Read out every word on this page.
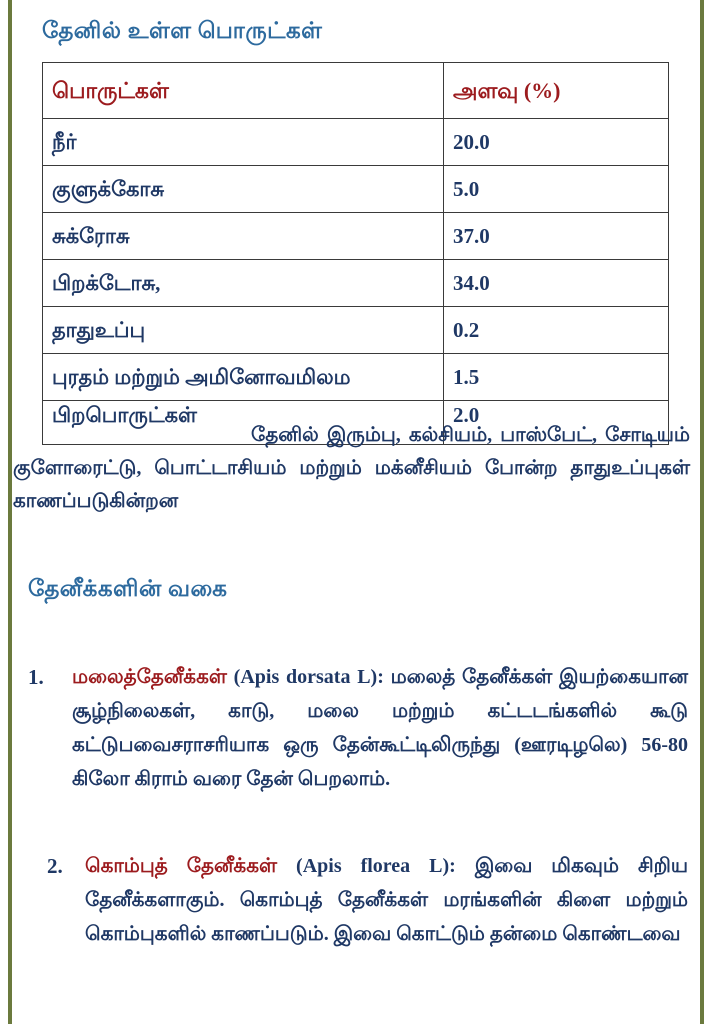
தேனில் உள்ள பொருட்கள்
பொருட்கள்	அளவு (%)
நீர்	20.0
குளுக்கோசு	5.0
சுக்ரோசு	37.0
பிறக்டோசு,	34.0
தாதுஉப்பு	0.2
புரதம் மற்றும் அமினோவமிலம	1.5
பிறபொருட்கள்	2.0

தேனில் இரும்பு, கல்சியம், பாஸ்பேட், சோடியம் குளோரைட்டு, பொட்டாசியம் மற்றும் மக்னீசியம் போன்ற தாதுஉப்புகள் காணப்படுகின்றன

தேனீக்களின் வகை
1.	மலைத்தேனீக்கள் (Apis dorsata L): மலைத் தேனீக்கள் இயற்கையான சூழ்நிலைகள், காடு, மலை மற்றும் கட்டடங்களில் கூடு கட்டுபவைசராசரியாக ஒரு தேன்கூட்டிலிருந்து (ஊரடிழலெ) 56-80 கிலோ கிராம் வரை தேன் பெறலாம்.
2.	கொம்புத் தேனீக்கள் (Apis florea L): இவை மிகவும் சிறிய தேனீக்களாகும். கொம்புத் தேனீக்கள் மரங்களின் கிளை மற்றும் கொம்புகளில் காணப்படும். இவை கொட்டும் தன்மை கொண்டவை
